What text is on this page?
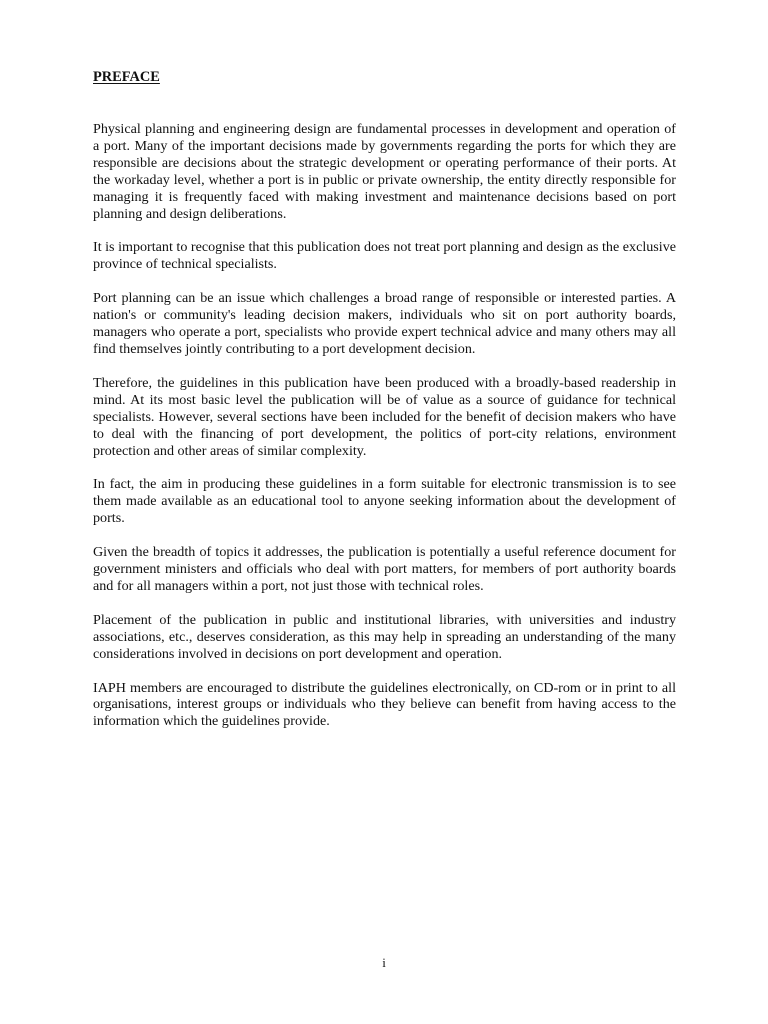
PREFACE

Physical planning and engineering design are fundamental processes in development and operation of a port. Many of the important decisions made by governments regarding the ports for which they are responsible are decisions about the strategic development or operating performance of their ports. At the workaday level, whether a port is in public or private ownership, the entity directly responsible for managing it is frequently faced with making investment and maintenance decisions based on port planning and design deliberations.

It is important to recognise that this publication does not treat port planning and design as the exclusive province of technical specialists.

Port planning can be an issue which challenges a broad range of responsible or interested parties. A nation's or community's leading decision makers, individuals who sit on port authority boards, managers who operate a port, specialists who provide expert technical advice and many others may all find themselves jointly contributing to a port development decision.

Therefore, the guidelines in this publication have been produced with a broadly-based readership in mind. At its most basic level the publication will be of value as a source of guidance for technical specialists. However, several sections have been included for the benefit of decision makers who have to deal with the financing of port development, the politics of port-city relations, environment protection and other areas of similar complexity.

In fact, the aim in producing these guidelines in a form suitable for electronic transmission is to see them made available as an educational tool to anyone seeking information about the development of ports.

Given the breadth of topics it addresses, the publication is potentially a useful reference document for government ministers and officials who deal with port matters, for members of port authority boards and for all managers within a port, not just those with technical roles.

Placement of the publication in public and institutional libraries, with universities and industry associations, etc., deserves consideration, as this may help in spreading an understanding of the many considerations involved in decisions on port development and operation.

IAPH members are encouraged to distribute the guidelines electronically, on CD-rom or in print to all organisations, interest groups or individuals who they believe can benefit from having access to the information which the guidelines provide.

i
